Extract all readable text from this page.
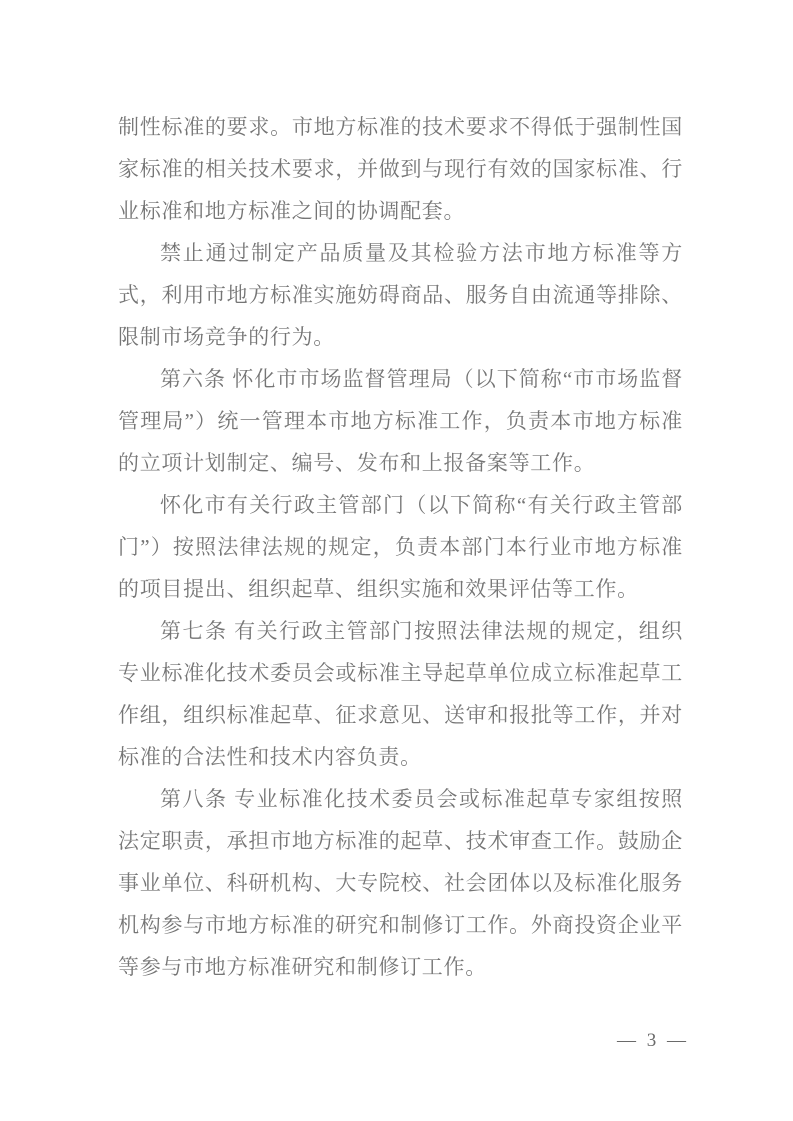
制性标准的要求。市地方标准的技术要求不得低于强制性国家标准的相关技术要求，并做到与现行有效的国家标准、行业标准和地方标准之间的协调配套。

禁止通过制定产品质量及其检验方法市地方标准等方式，利用市地方标准实施妨碍商品、服务自由流通等排除、限制市场竞争的行为。

第六条 怀化市市场监督管理局（以下简称“市市场监督管理局”）统一管理本市地方标准工作，负责本市地方标准的立项计划制定、编号、发布和上报备案等工作。

怀化市有关行政主管部门（以下简称“有关行政主管部门”）按照法律法规的规定，负责本部门本行业市地方标准的项目提出、组织起草、组织实施和效果评估等工作。

第七条 有关行政主管部门按照法律法规的规定，组织专业标准化技术委员会或标准主导起草单位成立标准起草工作组，组织标准起草、征求意见、送审和报批等工作，并对标准的合法性和技术内容负责。

第八条 专业标准化技术委员会或标准起草专家组按照法定职责，承担市地方标准的起草、技术审查工作。鼓励企事业单位、科研机构、大专院校、社会团体以及标准化服务机构参与市地方标准的研究和制修订工作。外商投资企业平等参与市地方标准研究和制修订工作。

— 3 —
